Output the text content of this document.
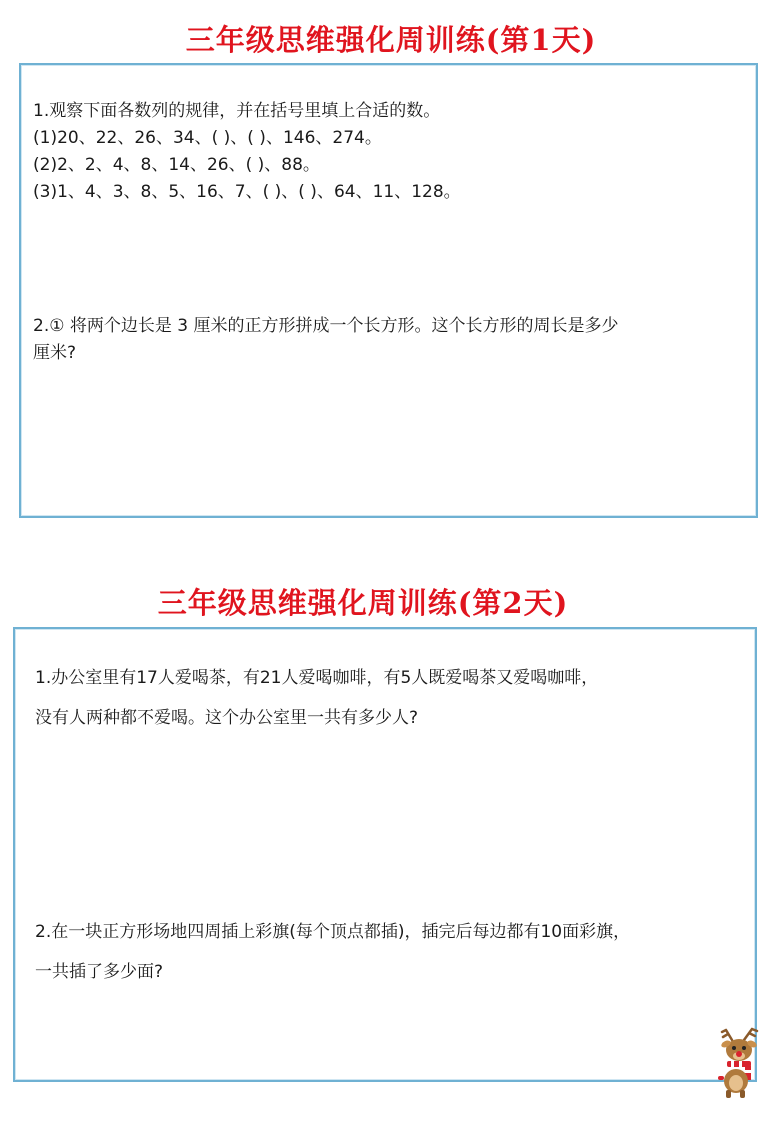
三年级思维强化周训练(第1天)

1.观察下面各数列的规律，并在括号里填上合适的数。

(1)20、22、26、34、( )、( )、146、274。

(2)2、2、4、8、14、26、( )、88。

(3)1、4、3、8、5、16、7、( )、( )、64、11、128。

2.① 将两个边长是 3 厘米的正方形拼成一个长方形。这个长方形的周长是多少

厘米?

三年级思维强化周训练(第2天)

1.办公室里有17人爱喝茶，有21人爱喝咖啡，有5人既爱喝茶又爱喝咖啡，

没有人两种都不爱喝。这个办公室里一共有多少人?

2.在一块正方形场地四周插上彩旗(每个顶点都插)，插完后每边都有10面彩旗，

一共插了多少面?
